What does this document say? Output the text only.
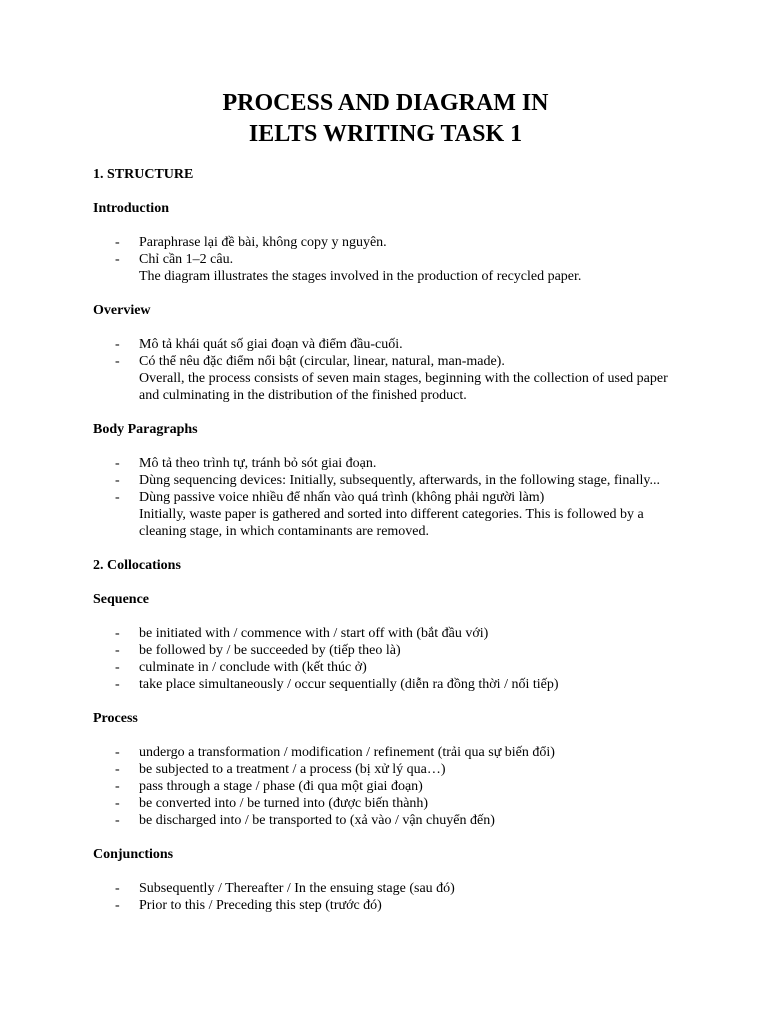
PROCESS AND DIAGRAM IN
IELTS WRITING TASK 1
1. STRUCTURE
Introduction
- Paraphrase lại đề bài, không copy y nguyên.
- Chỉ cần 1–2 câu.
The diagram illustrates the stages involved in the production of recycled paper.
Overview
- Mô tả khái quát số giai đoạn và điểm đầu-cuối.
- Có thể nêu đặc điểm nổi bật (circular, linear, natural, man-made).
Overall, the process consists of seven main stages, beginning with the collection of used paper and culminating in the distribution of the finished product.
Body Paragraphs
- Mô tả theo trình tự, tránh bỏ sót giai đoạn.
- Dùng sequencing devices: Initially, subsequently, afterwards, in the following stage, finally...
- Dùng passive voice nhiều để nhấn vào quá trình (không phải người làm)
Initially, waste paper is gathered and sorted into different categories. This is followed by a cleaning stage, in which contaminants are removed.
2. Collocations
Sequence
- be initiated with / commence with / start off with (bắt đầu với)
- be followed by / be succeeded by (tiếp theo là)
- culminate in / conclude with (kết thúc ở)
- take place simultaneously / occur sequentially (diễn ra đồng thời / nối tiếp)
Process
- undergo a transformation / modification / refinement (trải qua sự biến đổi)
- be subjected to a treatment / a process (bị xử lý qua…)
- pass through a stage / phase (đi qua một giai đoạn)
- be converted into / be turned into (được biến thành)
- be discharged into / be transported to (xả vào / vận chuyển đến)
Conjunctions
- Subsequently / Thereafter / In the ensuing stage (sau đó)
- Prior to this / Preceding this step (trước đó)
